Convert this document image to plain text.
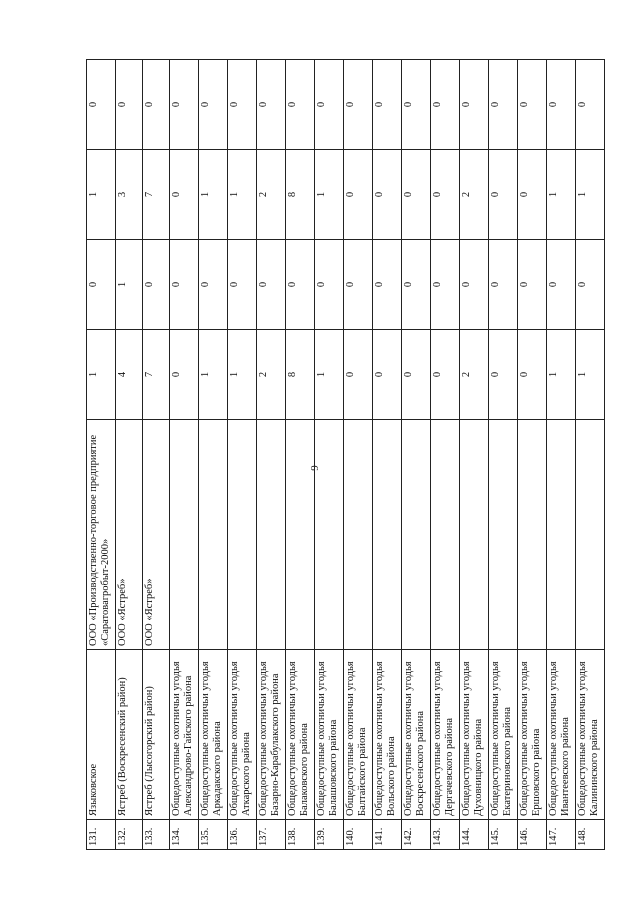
9
131.	Языковское	ООО «Производственно-торговое предприятие «Саратовагробыт-2000»	1	0	1	0
132.	Ястреб (Воскресенский район)	ООО «Ястреб»	4	1	3	0
133.	Ястреб (Лысогорский район)	ООО «Ястреб»	7	0	7	0
134.	Общедоступные охотничьи угодья Александрово-Гайского района		0	0	0	0
135.	Общедоступные охотничьи угодья Аркадакского района		1	0	1	0
136.	Общедоступные охотничьи угодья Аткарского района		1	0	1	0
137.	Общедоступные охотничьи угодья Базарно-Карабулакского района		2	0	2	0
138.	Общедоступные охотничьи угодья Балаковского района		8	0	8	0
139.	Общедоступные охотничьи угодья Балашовского района		1	0	1	0
140.	Общедоступные охотничьи угодья Балтайского района		0	0	0	0
141.	Общедоступные охотничьи угодья Вольского района		0	0	0	0
142.	Общедоступные охотничьи угодья Воскресенского района		0	0	0	0
143.	Общедоступные охотничьи угодья Дергачевского района		0	0	0	0
144.	Общедоступные охотничьи угодья Духовницкого района		2	0	2	0
145.	Общедоступные охотничьи угодья Екатериновского района		0	0	0	0
146.	Общедоступные охотничьи угодья Ершовского района		0	0	0	0
147.	Общедоступные охотничьи угодья Ивантеевского района		1	0	1	0
148.	Общедоступные охотничьи угодья Калининского района		1	0	1	0
